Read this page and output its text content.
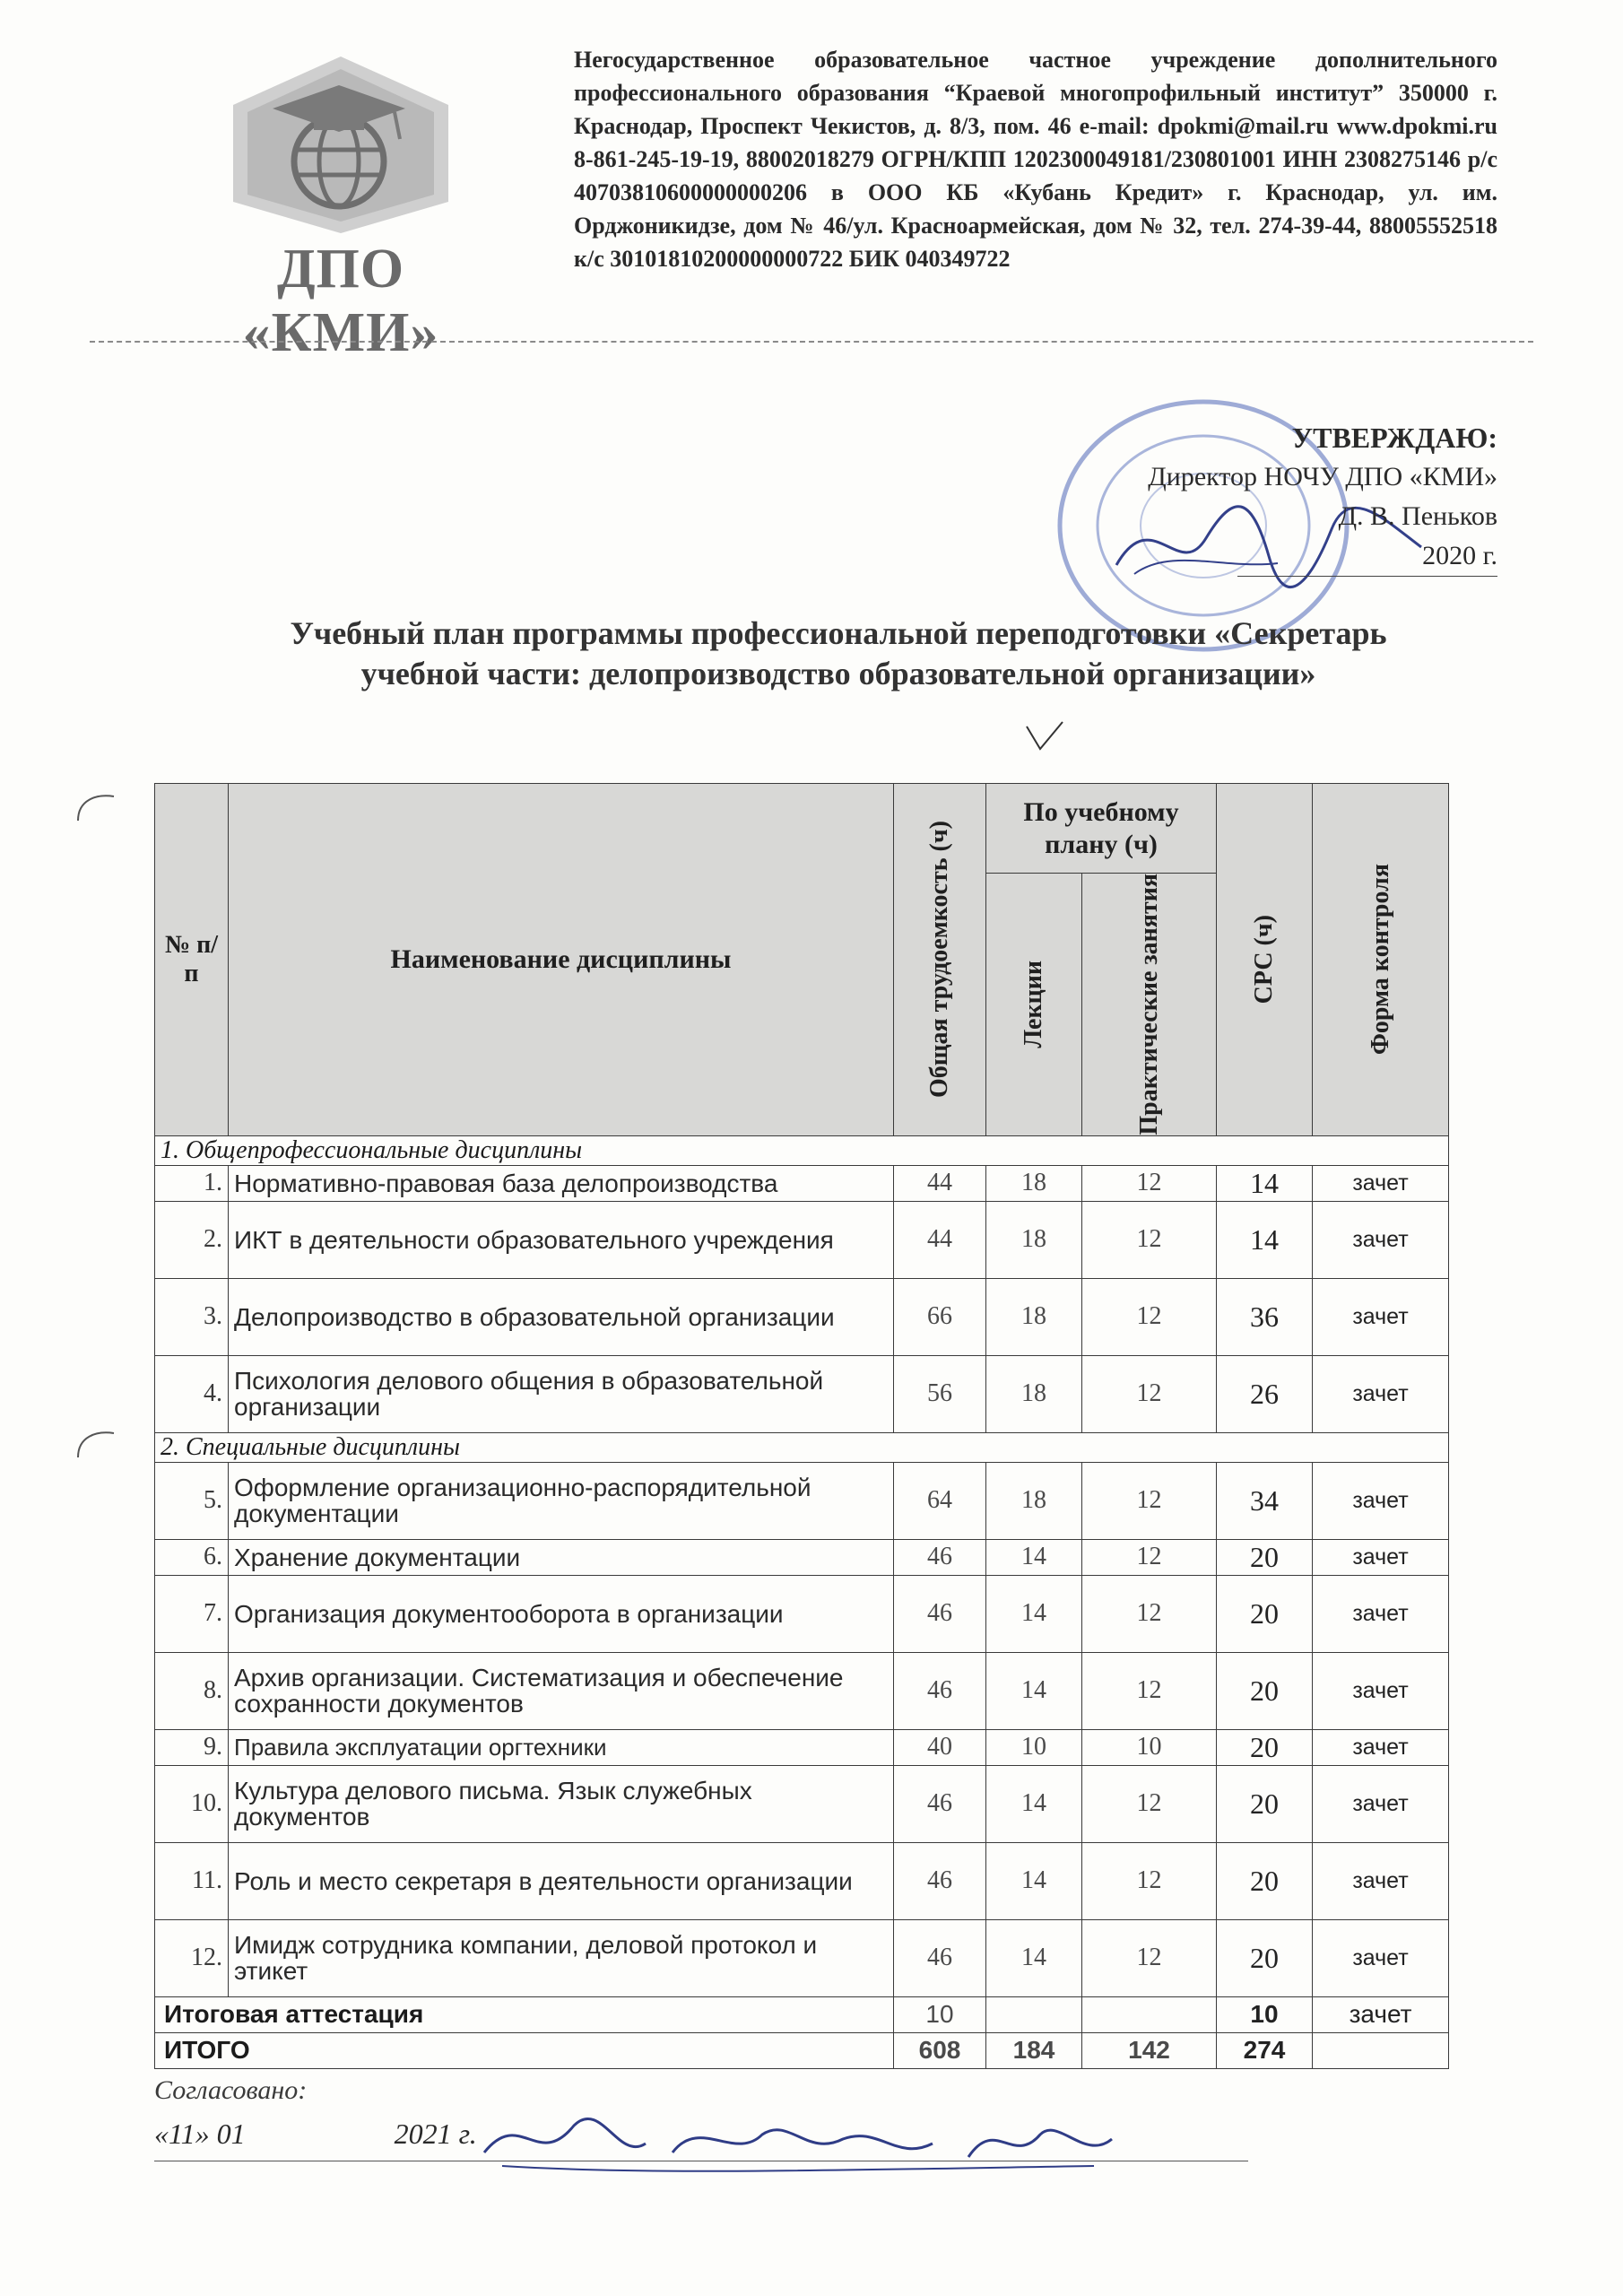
ДПО «КМИ»
Негосударственное образовательное частное учреждение дополнительного профессионального образования “Краевой многопрофильный институт” 350000 г. Краснодар, Проспект Чекистов, д. 8/3, пом. 46 e-mail: dpokmi@mail.ru www.dpokmi.ru 8-861-245-19-19, 88002018279 ОГРН/КПП 1202300049181/230801001 ИНН 2308275146 р/с 40703810600000000206 в ООО КБ «Кубань Кредит» г. Краснодар, ул. им. Орджоникидзе, дом № 46/ул. Красноармейская, дом № 32, тел. 274-39-44, 88005552518 к/с 30101810200000000722 БИК 040349722
УТВЕРЖДАЮ:
Директор НОЧУ ДПО «КМИ»
Д. В. Пеньков
2020 г.
Учебный план программы профессиональной переподготовки «Секретарь учебной части: делопроизводство образовательной организации»
№ п/п	Наименование дисциплины	Общая трудоемкость (ч)	По учебному плану (ч)		СРС (ч)	Форма контроля

			Лекции	Практические занятия		

1. Общепрофессиональные дисциплины						
1.	Нормативно-правовая база делопроизводства	44	18	12	14	зачет
2.	ИКТ в деятельности образовательного учреждения	44	18	12	14	зачет
3.	Делопроизводство в образовательной организации	66	18	12	36	зачет
4.	Психология делового общения в образовательной организации	56	18	12	26	зачет
2. Специальные дисциплины						
5.	Оформление организационно-распорядительной документации	64	18	12	34	зачет
6.	Хранение документации	46	14	12	20	зачет
7.	Организация документооборота в организации	46	14	12	20	зачет
8.	Архив организации. Систематизация и обеспечение сохранности документов	46	14	12	20	зачет
9.	Правила эксплуатации оргтехники	40	10	10	20	зачет
10.	Культура делового письма. Язык служебных документов	46	14	12	20	зачет
11.	Роль и место секретаря в деятельности организации	46	14	12	20	зачет
12.	Имидж сотрудника компании, деловой протокол и этикет	46	14	12	20	зачет
Итоговая аттестация		10			10	зачет
ИТОГО		608	184	142	274	
Согласовано:
«11» 01	2021 г.
